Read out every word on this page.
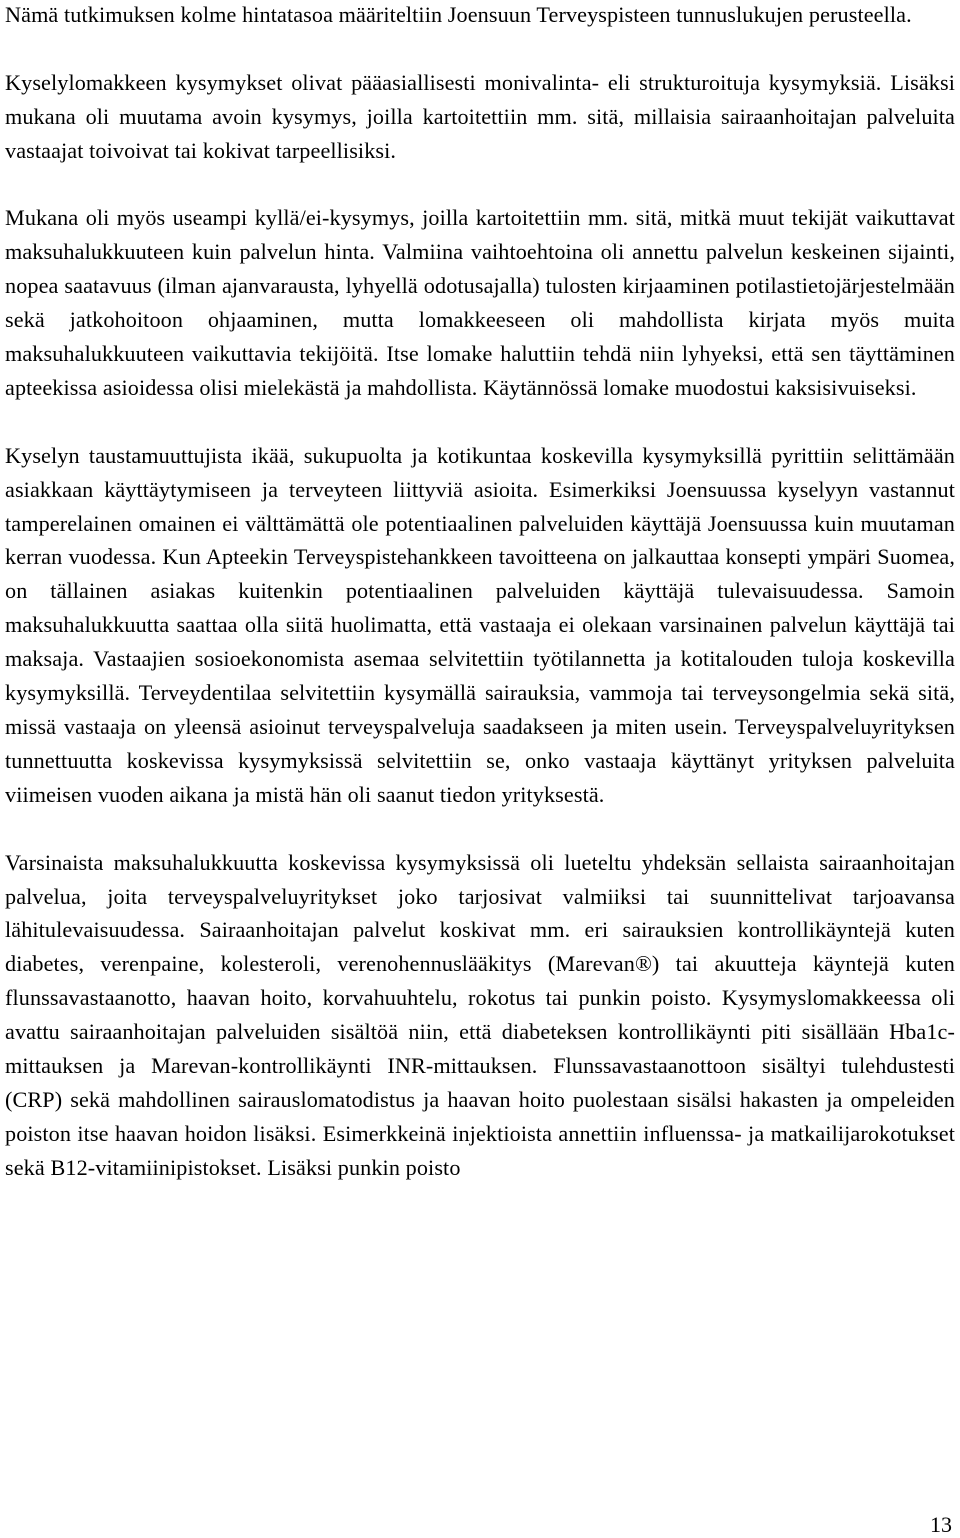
Nämä tutkimuksen kolme hintatasoa määriteltiin Joensuun Terveyspisteen tunnuslukujen perusteella.

Kyselylomakkeen kysymykset olivat pääasiallisesti monivalinta- eli strukturoituja kysymyksiä. Lisäksi mukana oli muutama avoin kysymys, joilla kartoitettiin mm. sitä, millaisia sairaanhoitajan palveluita vastaajat toivoivat tai kokivat tarpeellisiksi.

Mukana oli myös useampi kyllä/ei-kysymys, joilla kartoitettiin mm. sitä, mitkä muut tekijät vaikuttavat maksuhalukkuuteen kuin palvelun hinta. Valmiina vaihtoehtoina oli annettu palvelun keskeinen sijainti, nopea saatavuus (ilman ajanvarausta, lyhyellä odotusajalla) tulosten kirjaaminen potilastietojärjestelmään sekä jatkohoitoon ohjaaminen, mutta lomakkeeseen oli mahdollista kirjata myös muita maksuhalukkuuteen vaikuttavia tekijöitä. Itse lomake haluttiin tehdä niin lyhyeksi, että sen täyttäminen apteekissa asioidessa olisi mielekästä ja mahdollista. Käytännössä lomake muodostui kaksisivuiseksi.

Kyselyn taustamuuttujista ikää, sukupuolta ja kotikuntaa koskevilla kysymyksillä pyrittiin selittämään asiakkaan käyttäytymiseen ja terveyteen liittyviä asioita. Esimerkiksi Joensuussa kyselyyn vastannut tamperelainen omainen ei välttämättä ole potentiaalinen palveluiden käyttäjä Joensuussa kuin muutaman kerran vuodessa. Kun Apteekin Terveyspistehankkeen tavoitteena on jalkauttaa konsepti ympäri Suomea, on tällainen asiakas kuitenkin potentiaalinen palveluiden käyttäjä tulevaisuudessa. Samoin maksuhalukkuutta saattaa olla siitä huolimatta, että vastaaja ei olekaan varsinainen palvelun käyttäjä tai maksaja. Vastaajien sosioekonomista asemaa selvitettiin työtilannetta ja kotitalouden tuloja koskevilla kysymyksillä. Terveydentilaa selvitettiin kysymällä sairauksia, vammoja tai terveysongelmia sekä sitä, missä vastaaja on yleensä asioinut terveyspalveluja saadakseen ja miten usein. Terveyspalveluyrityksen tunnettuutta koskevissa kysymyksissä selvitettiin se, onko vastaaja käyttänyt yrityksen palveluita viimeisen vuoden aikana ja mistä hän oli saanut tiedon yrityksestä.

Varsinaista maksuhalukkuutta koskevissa kysymyksissä oli lueteltu yhdeksän sellaista sairaanhoitajan palvelua, joita terveyspalveluyritykset joko tarjosivat valmiiksi tai suunnittelivat tarjoavansa lähitulevaisuudessa. Sairaanhoitajan palvelut koskivat mm. eri sairauksien kontrollikäyntejä kuten diabetes, verenpaine, kolesteroli, verenohennuslääkitys (Marevan®) tai akuutteja käyntejä kuten flunssavastaanotto, haavan hoito, korvahuuhtelu, rokotus tai punkin poisto. Kysymyslomakkeessa oli avattu sairaanhoitajan palveluiden sisältöä niin, että diabeteksen kontrollikäynti piti sisällään Hba1c-mittauksen ja Marevan-kontrollikäynti INR-mittauksen. Flunssavastaanottoon sisältyi tulehdustesti (CRP) sekä mahdollinen sairauslomatodistus ja haavan hoito puolestaan sisälsi hakasten ja ompeleiden poiston itse haavan hoidon lisäksi. Esimerkkeinä injektioista annettiin influenssa- ja matkailijarokotukset sekä B12-vitamiinipistokset. Lisäksi punkin poisto

13
